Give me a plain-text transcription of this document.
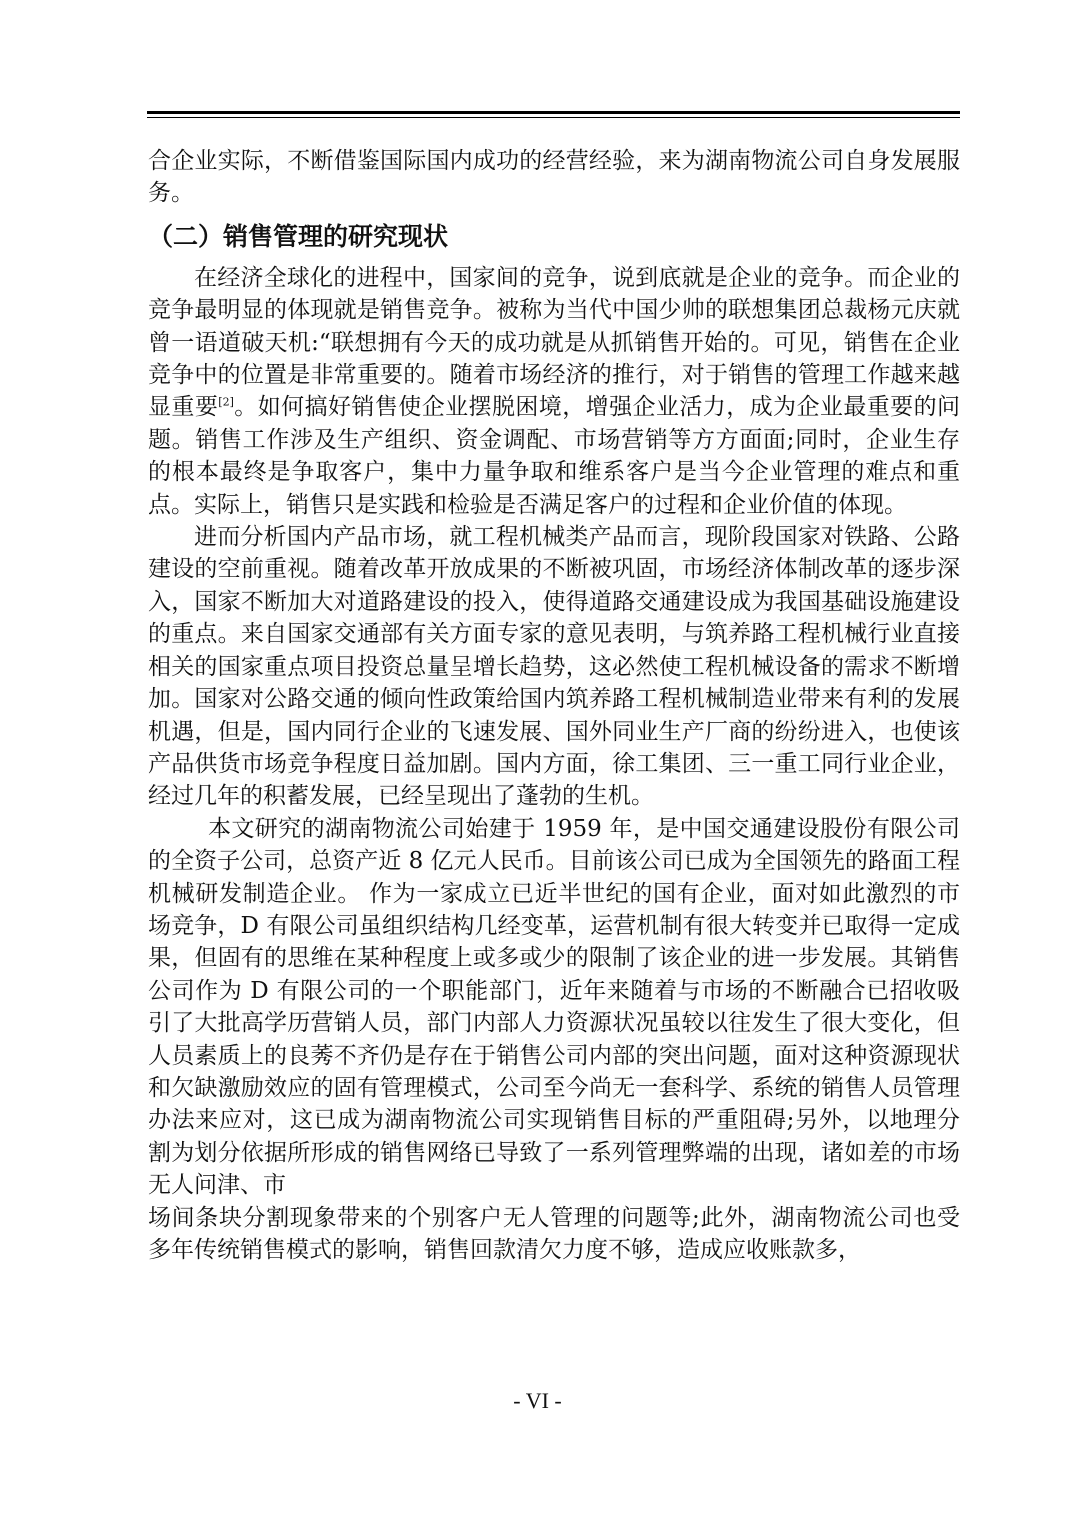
合企业实际，不断借鉴国际国内成功的经营经验，来为湖南物流公司自身发展服务。

（二）销售管理的研究现状

在经济全球化的进程中，国家间的竞争，说到底就是企业的竞争。而企业的竞争最明显的体现就是销售竞争。被称为当代中国少帅的联想集团总裁杨元庆就曾一语道破天机:“联想拥有今天的成功就是从抓销售开始的。可见，销售在企业竞争中的位置是非常重要的。随着市场经济的推行，对于销售的管理工作越来越显重要[2]。如何搞好销售使企业摆脱困境，增强企业活力，成为企业最重要的问题。销售工作涉及生产组织、资金调配、市场营销等方方面面;同时，企业生存的根本最终是争取客户，集中力量争取和维系客户是当今企业管理的难点和重点。实际上，销售只是实践和检验是否满足客户的过程和企业价值的体现。

进而分析国内产品市场，就工程机械类产品而言，现阶段国家对铁路、公路建设的空前重视。随着改革开放成果的不断被巩固，市场经济体制改革的逐步深入，国家不断加大对道路建设的投入，使得道路交通建设成为我国基础设施建设的重点。来自国家交通部有关方面专家的意见表明，与筑养路工程机械行业直接相关的国家重点项目投资总量呈增长趋势，这必然使工程机械设备的需求不断增加。国家对公路交通的倾向性政策给国内筑养路工程机械制造业带来有利的发展机遇，但是，国内同行企业的飞速发展、国外同业生产厂商的纷纷进入，也使该产品供货市场竞争程度日益加剧。国内方面，徐工集团、三一重工同行业企业，经过几年的积蓄发展，已经呈现出了蓬勃的生机。

本文研究的湖南物流公司始建于 1959 年，是中国交通建设股份有限公司的全资子公司，总资产近 8 亿元人民币。目前该公司已成为全国领先的路面工程机械研发制造企业。 作为一家成立已近半世纪的国有企业，面对如此激烈的市场竞争，D 有限公司虽组织结构几经变革，运营机制有很大转变并已取得一定成果，但固有的思维在某种程度上或多或少的限制了该企业的进一步发展。其销售公司作为 D 有限公司的一个职能部门，近年来随着与市场的不断融合已招收吸引了大批高学历营销人员，部门内部人力资源状况虽较以往发生了很大变化，但人员素质上的良莠不齐仍是存在于销售公司内部的突出问题，面对这种资源现状和欠缺激励效应的固有管理模式，公司至今尚无一套科学、系统的销售人员管理办法来应对，这已成为湖南物流公司实现销售目标的严重阻碍;另外，以地理分割为划分依据所形成的销售网络已导致了一系列管理弊端的出现，诸如差的市场无人问津、市

场间条块分割现象带来的个别客户无人管理的问题等;此外，湖南物流公司也受多年传统销售模式的影响，销售回款清欠力度不够，造成应收账款多，

- VI -
